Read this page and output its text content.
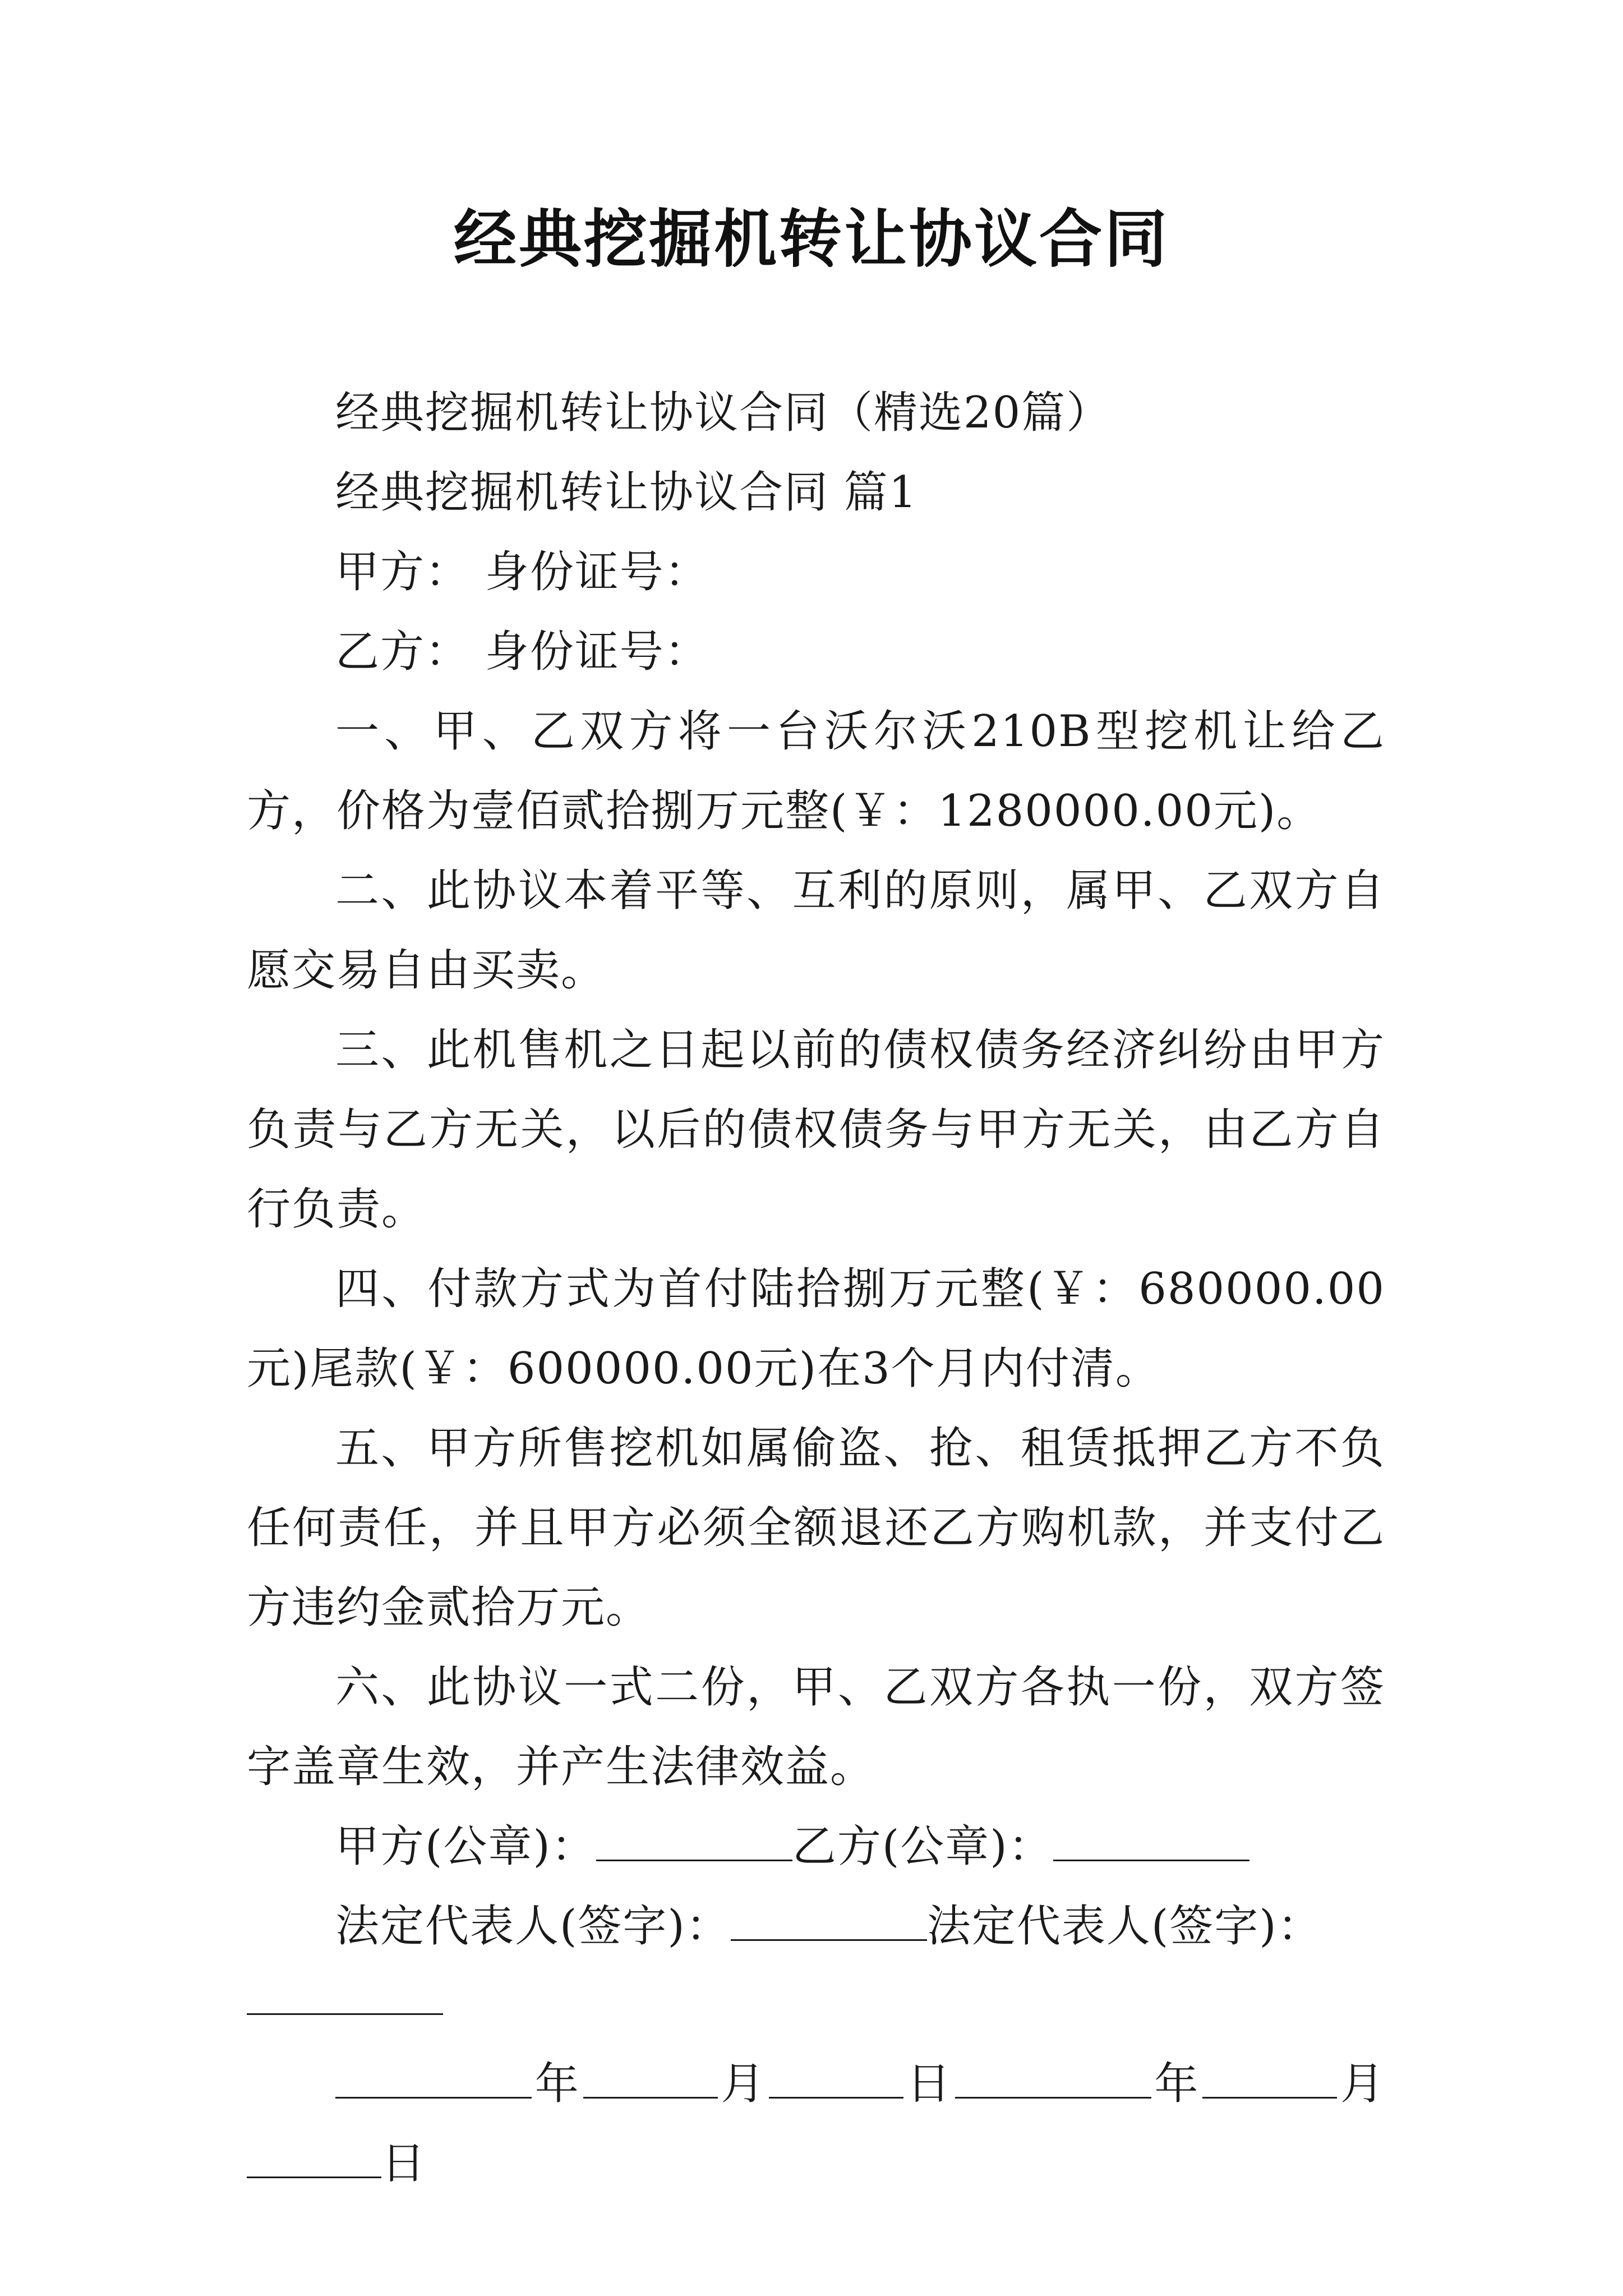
经典挖掘机转让协议合同

经典挖掘机转让协议合同（精选20篇）

经典挖掘机转让协议合同 篇1

甲方： 身份证号：

乙方： 身份证号：

一、甲、乙双方将一台沃尔沃210B型挖机让给乙方，价格为壹佰贰拾捌万元整(￥：1280000.00元)。

二、此协议本着平等、互利的原则，属甲、乙双方自愿交易自由买卖。

三、此机售机之日起以前的债权债务经济纠纷由甲方负责与乙方无关，以后的债权债务与甲方无关，由乙方自行负责。

四、付款方式为首付陆拾捌万元整(￥：680000.00元)尾款(￥：600000.00元)在3个月内付清。

五、甲方所售挖机如属偷盗、抢、租赁抵押乙方不负任何责任，并且甲方必须全额退还乙方购机款，并支付乙方违约金贰拾万元。

六、此协议一式二份，甲、乙双方各执一份，双方签字盖章生效，并产生法律效益。

甲方(公章)：	乙方(公章)：

法定代表人(签字)：	法定代表人(签字)：

年	月	日	年	月日
